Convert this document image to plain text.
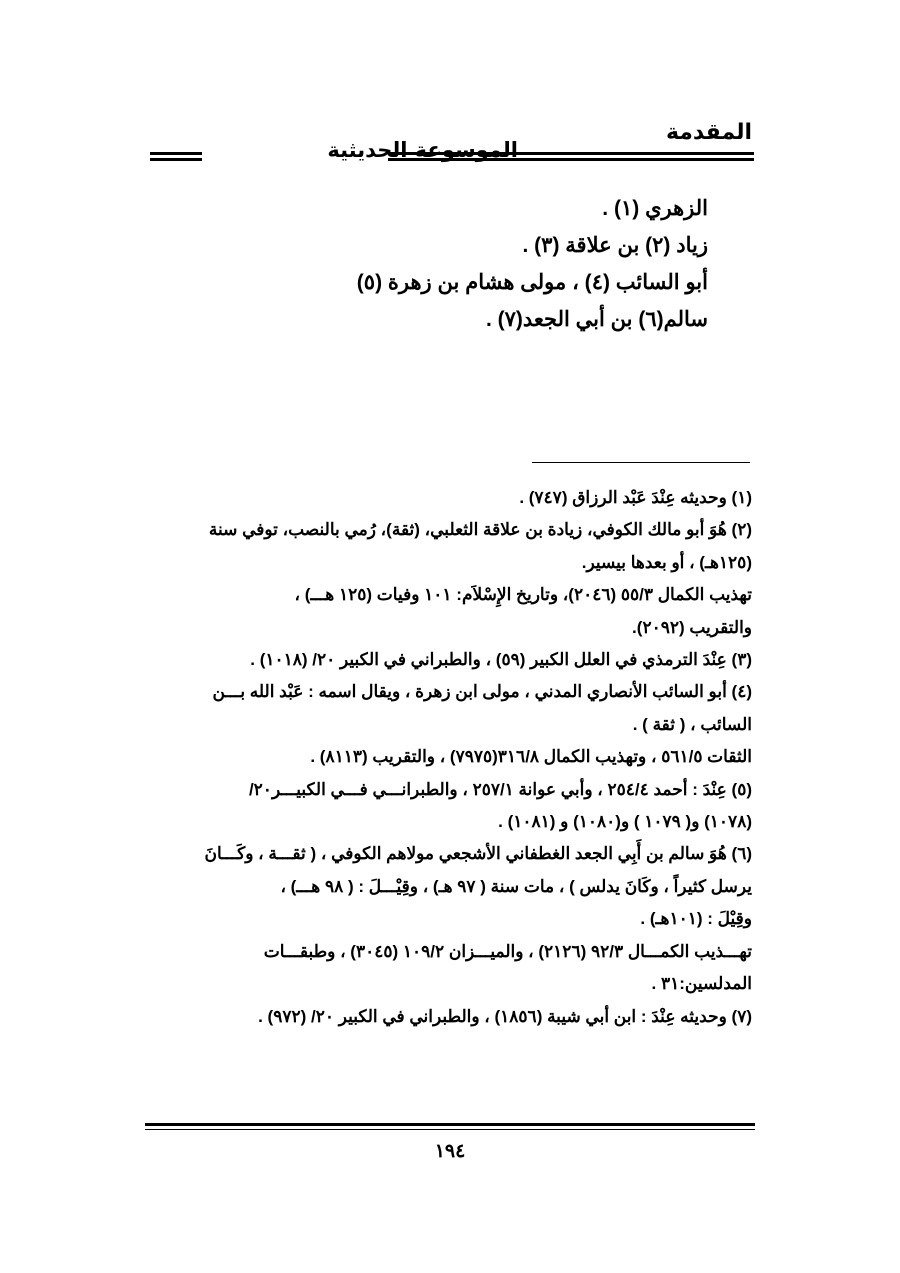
المقدمة
الموسوعة الحديثية
الزهري (١) .
زياد (٢) بن علاقة (٣) .
أبو السائب (٤) ، مولى هشام بن زهرة (٥)
سالم(٦) بن أبي الجعد(٧) .
(١) وحديثه عِنْدَ عَبْد الرزاق (٧٤٧) .
(٢) هُوَ أبو مالك الكوفي، زيادة بن علاقة الثعلبي، (ثقة)، رُمي بالنصب، توفي سنة
(١٢٥هـ) ، أو بعدها بيسير.
تهذيب الكمال ٥٥/٣ (٢٠٤٦)، وتاريخ الإِسْلاَم: ١٠١ وفيات (١٢٥ هـــ) ،
والتقريب (٢٠٩٢).
(٣) عِنْدَ الترمذي في العلل الكبير (٥٩) ، والطبراني في الكبير ٢٠/ (١٠١٨) .
(٤) أبو السائب الأنصاري المدني ، مولى ابن زهرة ، ويقال اسمه : عَبْد الله بـــن
السائب ، ( ثقة ) .
الثقات ٥٦١/٥ ، وتهذيب الكمال ٣١٦/٨(٧٩٧٥) ، والتقريب (٨١١٣) .
(٥) عِنْدَ : أحمد ٢٥٤/٤ ، وأبي عوانة ٢٥٧/١ ، والطبرانـــي فـــي الكبيـــر٢٠/
(١٠٧٨) و( ١٠٧٩ ) و(١٠٨٠) و (١٠٨١) .
(٦) هُوَ سالم بن أَبِي الجعد الغطفاني الأشجعي مولاهم الكوفي ، ( ثقـــة ، وكَـــانَ
يرسل كثيراً ، وكَانَ يدلس ) ، مات سنة ( ٩٧ هـ) ، وقِيْـــلَ : ( ٩٨ هـــ) ،
وقِيْلَ : (١٠١هـ) .
تهـــذيب الكمـــال ٩٢/٣ (٢١٢٦) ، والميـــزان ١٠٩/٢ (٣٠٤٥) ، وطبقـــات
المدلسين:٣١ .
(٧) وحديثه عِنْدَ : ابن أبي شيبة (١٨٥٦) ، والطبراني في الكبير ٢٠/ (٩٧٢) .
١٩٤
